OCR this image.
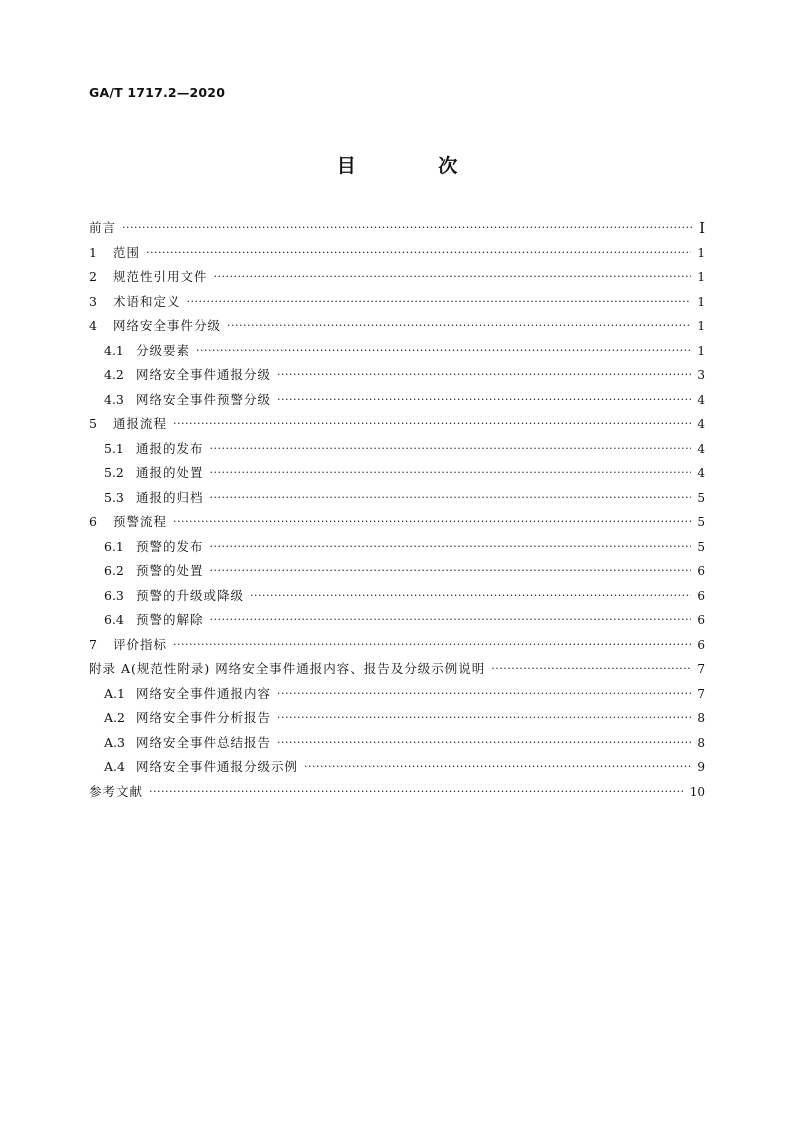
GA/T 1717.2—2020
目 次
前言 ·····	Ⅰ
1	范围 ·····	1
2	规范性引用文件 ·····	1
3	术语和定义 ·····	1
4	网络安全事件分级 ·····	1
4.1 分级要素 ·····	1
4.2 网络安全事件通报分级 ·····	3
4.3 网络安全事件预警分级 ·····	4
5	通报流程 ·····	4
5.1 通报的发布 ·····	4
5.2 通报的处置 ·····	4
5.3 通报的归档 ·····	5
6	预警流程 ·····	5
6.1 预警的发布 ·····	5
6.2 预警的处置 ·····	6
6.3 预警的升级或降级 ·····	6
6.4 预警的解除 ·····	6
7	评价指标 ·····	6
附录 A(规范性附录) 网络安全事件通报内容、报告及分级示例说明 ·····	7
A.1 网络安全事件通报内容 ·····	7
A.2 网络安全事件分析报告 ·····	8
A.3 网络安全事件总结报告 ·····	8
A.4 网络安全事件通报分级示例 ·····	9
参考文献 ·····	10
